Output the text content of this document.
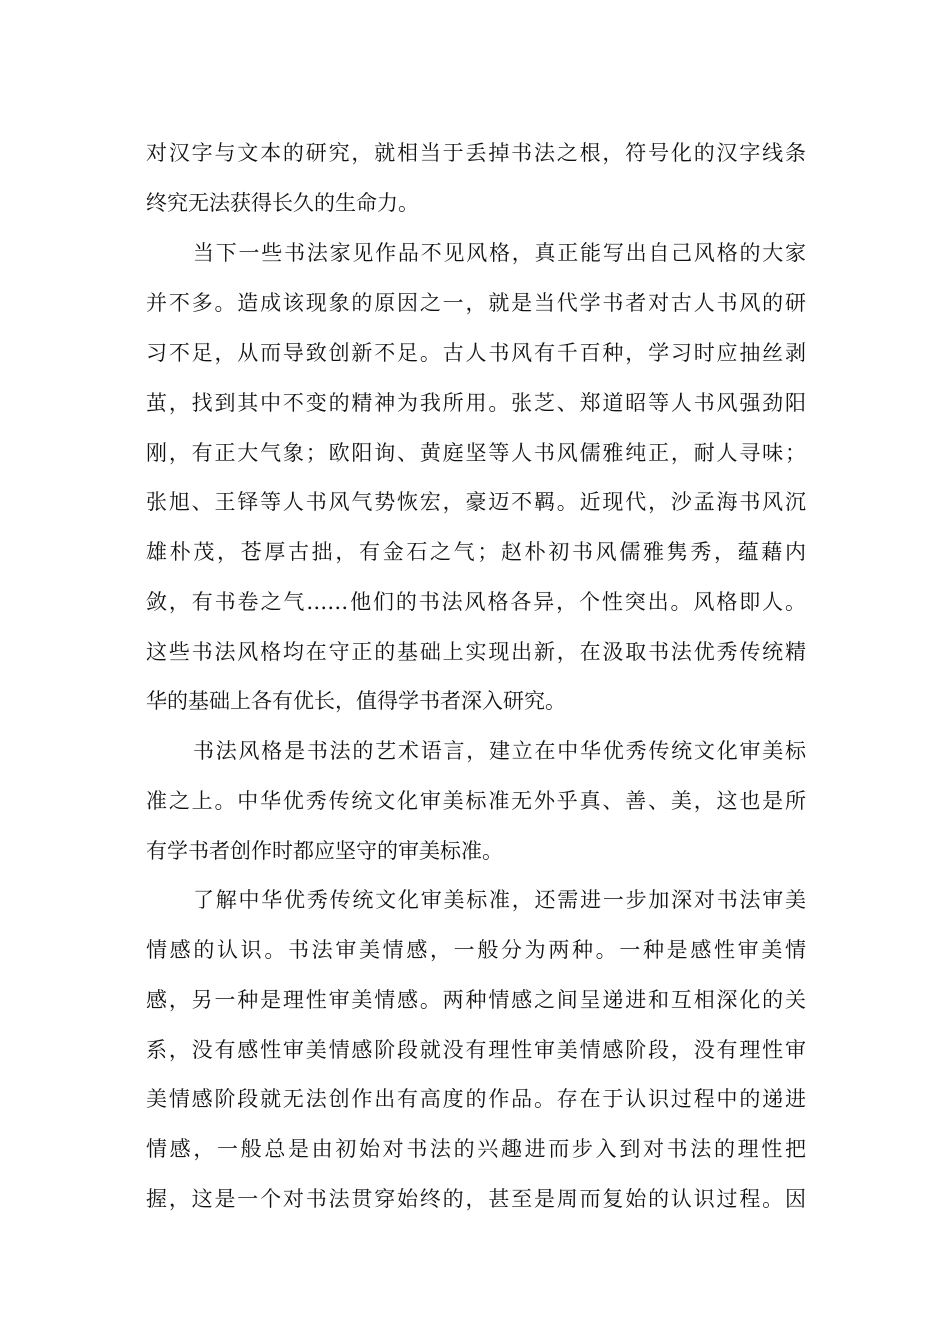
对汉字与文本的研究，就相当于丢掉书法之根，符号化的汉字线条
终究无法获得长久的生命力。
当下一些书法家见作品不见风格，真正能写出自己风格的大家
并不多。造成该现象的原因之一，就是当代学书者对古人书风的研
习不足，从而导致创新不足。古人书风有千百种，学习时应抽丝剥
茧，找到其中不变的精神为我所用。张芝、郑道昭等人书风强劲阳
刚，有正大气象；欧阳询、黄庭坚等人书风儒雅纯正，耐人寻味；
张旭、王铎等人书风气势恢宏，豪迈不羁。近现代，沙孟海书风沉
雄朴茂，苍厚古拙，有金石之气；赵朴初书风儒雅隽秀，蕴藉内
敛，有书卷之气……他们的书法风格各异，个性突出。风格即人。
这些书法风格均在守正的基础上实现出新，在汲取书法优秀传统精
华的基础上各有优长，值得学书者深入研究。
书法风格是书法的艺术语言，建立在中华优秀传统文化审美标
准之上。中华优秀传统文化审美标准无外乎真、善、美，这也是所
有学书者创作时都应坚守的审美标准。
了解中华优秀传统文化审美标准，还需进一步加深对书法审美
情感的认识。书法审美情感，一般分为两种。一种是感性审美情
感，另一种是理性审美情感。两种情感之间呈递进和互相深化的关
系，没有感性审美情感阶段就没有理性审美情感阶段，没有理性审
美情感阶段就无法创作出有高度的作品。存在于认识过程中的递进
情感，一般总是由初始对书法的兴趣进而步入到对书法的理性把
握，这是一个对书法贯穿始终的，甚至是周而复始的认识过程。因
